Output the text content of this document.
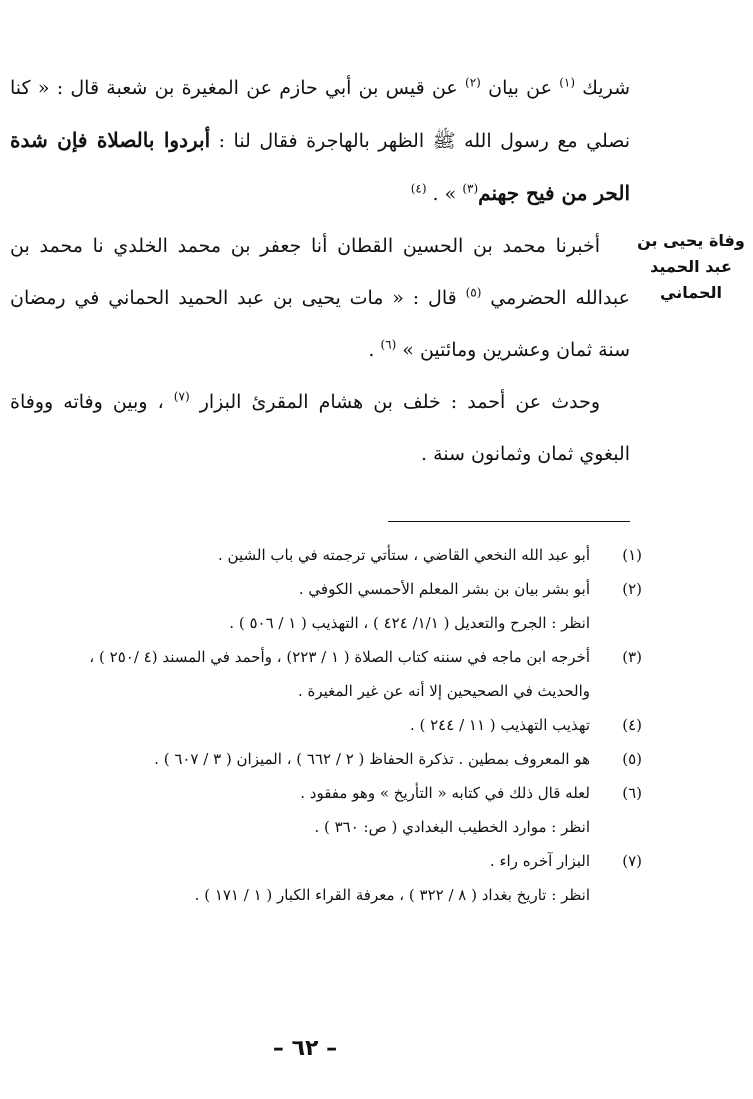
شريك $^{(١)}$ عن بيان $^{(٢)}$ عن قيس بن أبي حازم عن المغيرة بن شعبة قال : « كنا نصلي مع رسول الله ﷺ الظهر بالهاجرة فقال لنا : أبردوا بالصلاة فإن شدة الحر من فيح جهنم$^{(٣)}$ » . $^{(٤)}$

أخبرنا محمد بن الحسين القطان أنا جعفر بن محمد الخلدي نا محمد بن عبدالله الحضرمي $^{(٥)}$ قال : « مات يحيى بن عبد الحميد الحماني في رمضان سنة ثمان وعشرين ومائتين » $^{(٦)}$ .

وحدث عن أحمد : خلف بن هشام المقرئ البزار $^{(٧)}$ ، وبين وفاته ووفاة البغوي ثمان وثمانون سنة .

وفاة يحيى بن
عبد الحميد
الحماني
(١)
أبو عبد الله النخعي القاضي ، ستأتي ترجمته في باب الشين .
(٢)
أبو بشر بيان بن بشر المعلم الأحمسي الكوفي .
انظر : الجرح والتعديل ( ١/١/ ٤٢٤ ) ، التهذيب ( ١ / ٥٠٦ ) .
(٣)
أخرجه ابن ماجه في سننه كتاب الصلاة ( ١ / ٢٢٣) ، وأحمد في المسند (٤ /٢٥٠ ) ،
والحديث في الصحيحين إلا أنه عن غير المغيرة .
(٤)
تهذيب التهذيب ( ١١ / ٢٤٤ ) .
(٥)
هو المعروف بمطين . تذكرة الحفاظ ( ٢ / ٦٦٢ ) ، الميزان ( ٣ / ٦٠٧ ) .
(٦)
لعله قال ذلك في كتابه « التأريخ » وهو مفقود .
انظر : موارد الخطيب البغدادي ( ص: ٣٦٠ ) .
(٧)
البزار آخره راء .
انظر : تاريخ بغداد ( ٨ / ٣٢٢ ) ، معرفة القراء الكبار ( ١ / ١٧١ ) .
– ٦٢ –
